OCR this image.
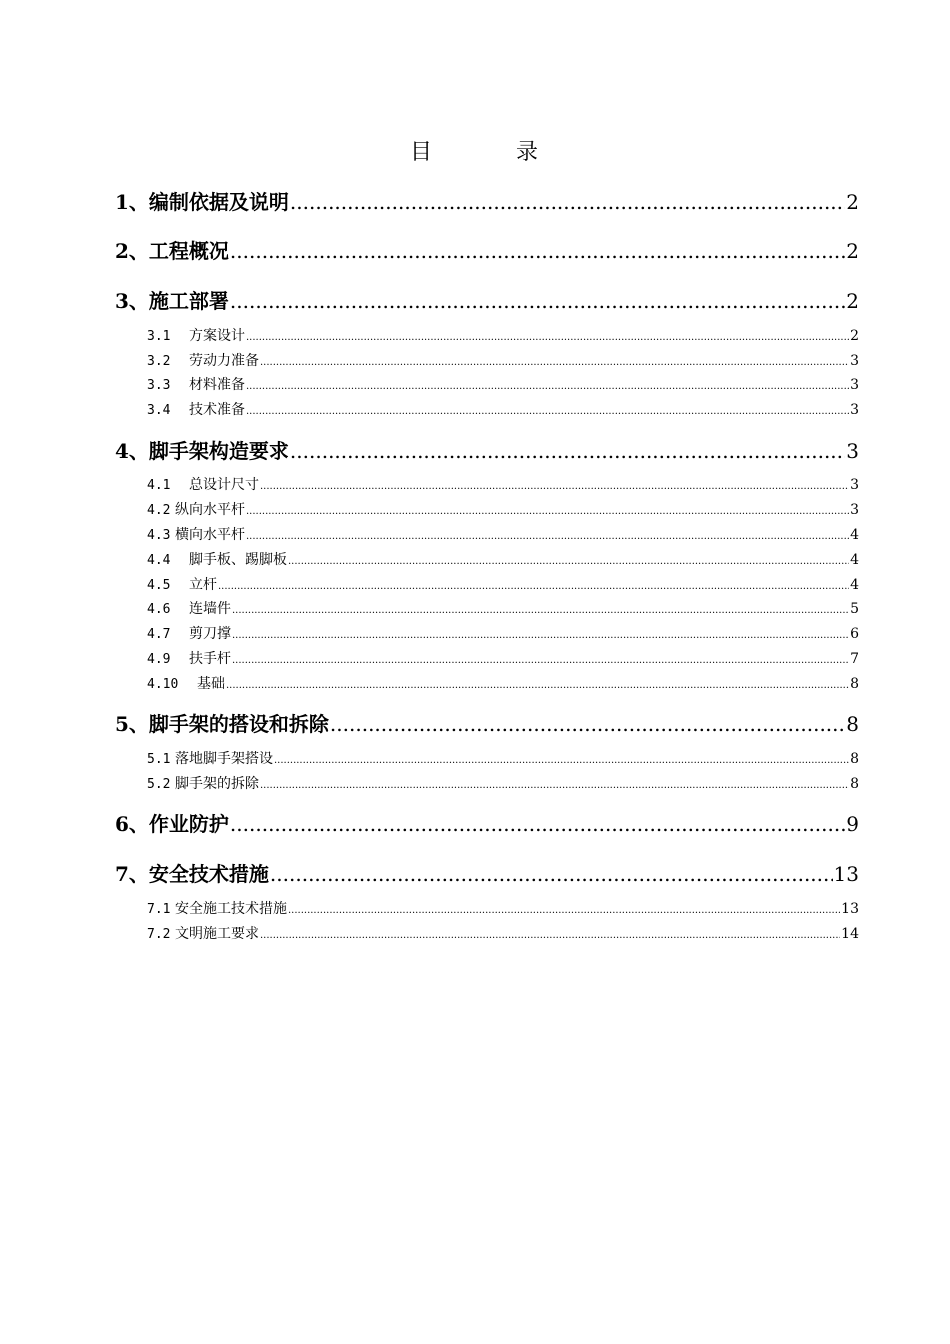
目	录
1、编制依据及说明 .....	2
2、工程概况 .....	2
3、施工部署 .....	2
3.1 方案设计 .....	2
3.2 劳动力准备 .....	3
3.3 材料准备 .....	3
3.4 技术准备 .....	3
4、脚手架构造要求 .....	3
4.1 总设计尺寸 .....	3
4.2 纵向水平杆 .....	3
4.3 横向水平杆 .....	4
4.4 脚手板、踢脚板 .....	4
4.5 立杆 .....	4
4.6 连墙件 .....	5
4.7 剪刀撑 .....	6
4.9 扶手杆 .....	7
4.10 基础 .....	8
5、脚手架的搭设和拆除 .....	8
5.1 落地脚手架搭设 .....	8
5.2 脚手架的拆除 .....	8
6、作业防护 .....	9
7、安全技术措施 .....	13
7.1 安全施工技术措施 .....	13
7.2 文明施工要求 .....	14
